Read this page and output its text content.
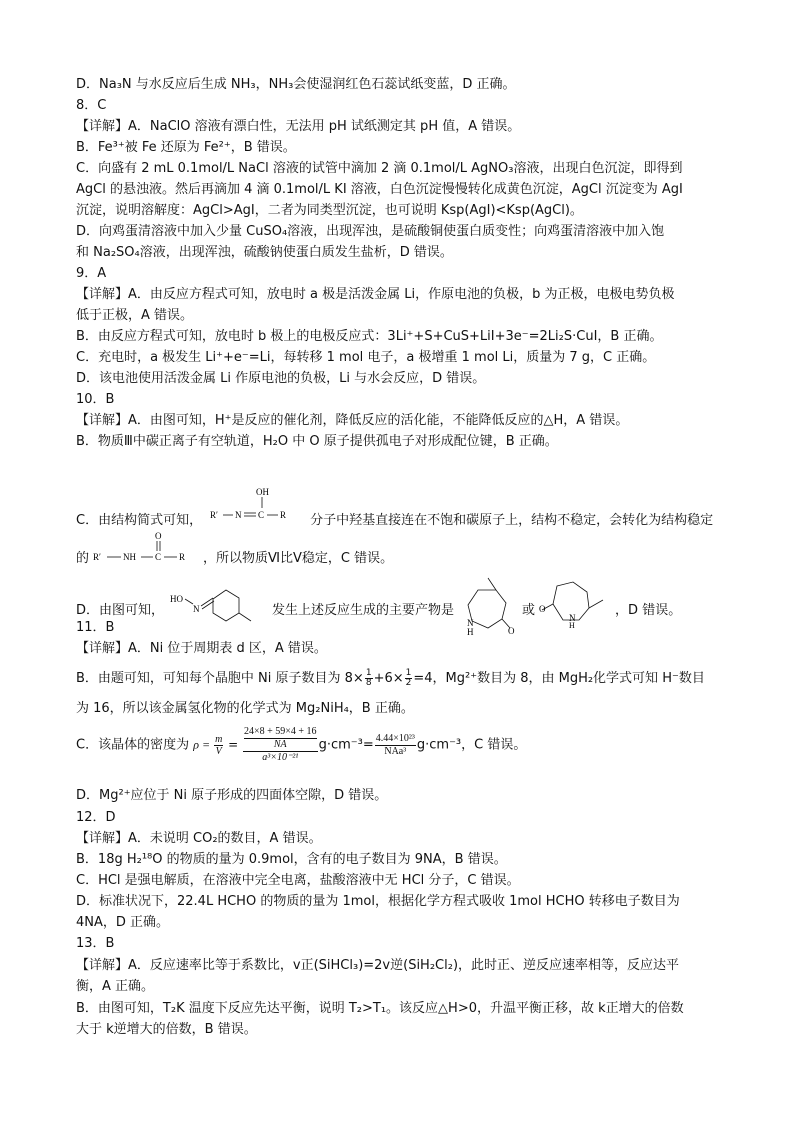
D．Na₃N 与水反应后生成 NH₃，NH₃会使湿润红色石蕊试纸变蓝，D 正确。
8．C
【详解】A．NaClO 溶液有漂白性，无法用 pH 试纸测定其 pH 值，A 错误。
B．Fe³⁺被 Fe 还原为 Fe²⁺，B 错误。
C．向盛有 2 mL 0.1mol/L NaCl 溶液的试管中滴加 2 滴 0.1mol/L AgNO₃溶液，出现白色沉淀，即得到
AgCl 的悬浊液。然后再滴加 4 滴 0.1mol/L KI 溶液，白色沉淀慢慢转化成黄色沉淀，AgCl 沉淀变为 AgI
沉淀，说明溶解度：AgCl>AgI，二者为同类型沉淀，也可说明 Ksp(AgI)<Ksp(AgCl)。
D．向鸡蛋清溶液中加入少量 CuSO₄溶液，出现浑浊，是硫酸铜使蛋白质变性；向鸡蛋清溶液中加入饱
和 Na₂SO₄溶液，出现浑浊，硫酸钠使蛋白质发生盐析，D 错误。
9．A
【详解】A．由反应方程式可知，放电时 a 极是活泼金属 Li，作原电池的负极，b 为正极，电极电势负极
低于正极，A 错误。
B．由反应方程式可知，放电时 b 极上的电极反应式：3Li⁺+S+CuS+LiI+3e⁻=2Li₂S·CuI，B 正确。
C．充电时，a 极发生 Li⁺+e⁻=Li，每转移 1 mol 电子，a 极增重 1 mol Li，质量为 7 g，C 正确。
D．该电池使用活泼金属 Li 作原电池的负极，Li 与水会反应，D 错误。
10．B
【详解】A．由图可知，H⁺是反应的催化剂，降低反应的活化能，不能降低反应的△H，A 错误。
B．物质Ⅲ中碳正离子有空轨道，H₂O 中 O 原子提供孤电子对形成配位键，B 正确。
C．由结构简式可知，
OH
R′ N C R 分子中羟基直接连在不饱和碳原子上，结构不稳定，会转化为结构稳定
的 R′ NH C
O
R ，所以物质Ⅵ比Ⅴ稳定，C 错误。
D．由图可知，
HO
N	发生上述反应生成的主要产物是
N
H	O
或	N
H
O	，D 错误。
11．B
【详解】A．Ni 位于周期表 d 区，A 错误。
B．由题可知，可知每个晶胞中 Ni 原子数目为 $8\times \frac{1}{8} +6\times \frac{1}{2} =4$，Mg²⁺数目为 8，由 MgH₂化学式可知 H⁻数目
为 16，所以该金属氢化物的化学式为 Mg₂NiH₄，B 正确。
C．该晶体的密度为 $\rho = \frac{m}{V} = 24\times 8 + 59\times 4 + 16$
NA
a³×10⁻²¹ $g\cdot cm^{-3}= \frac{\text{4.44×10²³}}{\text{NAa³}} g\cdot cm^{-3}$，C 错误。
D．Mg²⁺应位于 Ni 原子形成的四面体空隙，D 错误。
12．D
【详解】A．未说明 CO₂的数目，A 错误。
B．18g H₂¹⁸O 的物质的量为 0.9mol，含有的电子数目为 9NA，B 错误。
C．HCl 是强电解质，在溶液中完全电离，盐酸溶液中无 HCl 分子，C 错误。
D．标准状况下，22.4L HCHO 的物质的量为 1mol，根据化学方程式吸收 1mol HCHO 转移电子数目为
4NA，D 正确。
13．B
【详解】A．反应速率比等于系数比，v正(SiHCl₃)=2v逆(SiH₂Cl₂)，此时正、逆反应速率相等，反应达平
衡，A 正确。
B．由图可知，T₂K 温度下反应先达平衡，说明 T₂>T₁。该反应△H>0，升温平衡正移，故 k正增大的倍数
大于 k逆增大的倍数，B 错误。
